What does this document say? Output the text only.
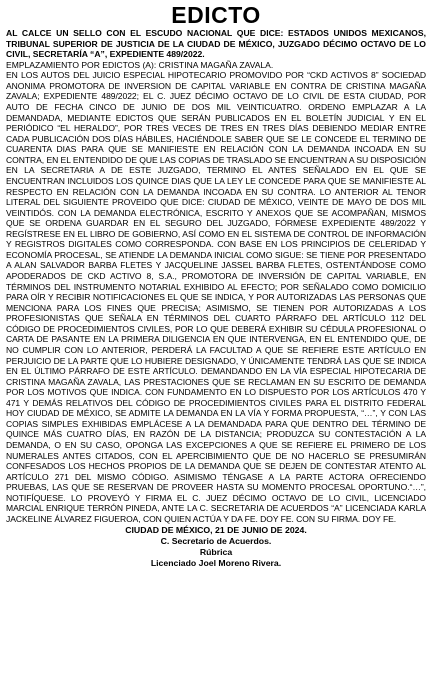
EDICTO

AL CALCE UN SELLO CON EL ESCUDO NACIONAL QUE DICE: ESTADOS UNIDOS MEXICANOS, TRIBUNAL SUPERIOR DE JUSTICIA DE LA CIUDAD DE MÉXICO, JUZGADO DÉCIMO OCTAVO DE LO CIVIL, SECRETARÍA “A”, EXPEDIENTE 489/2022.

EMPLAZAMIENTO POR EDICTOS (A): CRISTINA MAGAÑA ZAVALA.

EN LOS AUTOS DEL JUICIO ESPECIAL HIPOTECARIO PROMOVIDO POR “CKD ACTIVOS 8” SOCIEDAD ANONIMA PROMOTORA DE INVERSION DE CAPITAL VARIABLE EN CONTRA DE CRISTINA MAGAÑA ZAVALA; EXPEDIENTE 489/2022; EL C. JUEZ DÉCIMO OCTAVO DE LO CIVIL DE ESTA CIUDAD, POR AUTO DE FECHA CINCO DE JUNIO DE DOS MIL VEINTICUATRO. ORDENO EMPLAZAR A LA DEMANDADA, MEDIANTE EDICTOS QUE SERÁN PUBLICADOS EN EL BOLETÍN JUDICIAL Y EN EL PERIÓDICO “EL HERALDO”, POR TRES VECES DE TRES EN TRES DÍAS DEBIENDO MEDIAR ENTRE CADA PUBLICACIÓN DOS DÍAS HÁBILES, HACIÉNDOLE SABER QUE SE LE CONCEDE EL TERMINO DE CUARENTA DIAS PARA QUE SE MANIFIESTE EN RELACIÓN CON LA DEMANDA INCOADA EN SU CONTRA, EN EL ENTENDIDO DE QUE LAS COPIAS DE TRASLADO SE ENCUENTRAN A SU DISPOSICIÓN EN LA SECRETARIA A DE ESTE JUZGADO, TERMINO EL ANTES SEÑALADO EN EL QUE SE ENCUENTRAN INCLUIDOS LOS QUINCE DIAS QUE LA LEY LE CONCEDE PARA QUE SE MANIFIESTE AL RESPECTO EN RELACIÓN CON LA DEMANDA INCOADA EN SU CONTRA. LO ANTERIOR AL TENOR LITERAL DEL SIGUIENTE PROVEIDO QUE DICE: CIUDAD DE MÉXICO, VEINTE DE MAYO DE DOS MIL VEINTIDÓS. CON LA DEMANDA ELECTRÓNICA, ESCRITO Y ANEXOS QUE SE ACOMPAÑAN, MISMOS QUE SE ORDENA GUARDAR EN EL SEGURO DEL JUZGADO, FÓRMESE EXPEDIENTE 489/2022 Y REGÍSTRESE EN EL LIBRO DE GOBIERNO, ASÍ COMO EN EL SISTEMA DE CONTROL DE INFORMACIÓN Y REGISTROS DIGITALES COMO CORRESPONDA. CON BASE EN LOS PRINCIPIOS DE CELERIDAD Y ECONOMÍA PROCESAL, SE ATIENDE LA DEMANDA INICIAL COMO SIGUE: SE TIENE POR PRESENTADO A ALAN SALVADOR BARBA FLETES Y JACQUELINE JASSEL BARBA FLETES, OSTENTÁNDOSE COMO APODERADOS DE CKD ACTIVO 8, S.A., PROMOTORA DE INVERSIÓN DE CAPITAL VARIABLE, EN TÉRMINOS DEL INSTRUMENTO NOTARIAL EXHIBIDO AL EFECTO; POR SEÑALADO COMO DOMICILIO PARA OÍR Y RECIBIR NOTIFICACIONES EL QUE SE INDICA, Y POR AUTORIZADAS LAS PERSONAS QUE MENCIONA PARA LOS FINES QUE PRECISA; ASIMISMO, SE TIENEN POR AUTORIZADAS A LOS PROFESIONISTAS QUE SEÑALA EN TÉRMINOS DEL CUARTO PÁRRAFO DEL ARTÍCULO 112 DEL CÓDIGO DE PROCEDIMIENTOS CIVILES, POR LO QUE DEBERÁ EXHIBIR SU CÉDULA PROFESIONAL O CARTA DE PASANTE EN LA PRIMERA DILIGENCIA EN QUE INTERVENGA, EN EL ENTENDIDO QUE, DE NO CUMPLIR CON LO ANTERIOR, PERDERÁ LA FACULTAD A QUE SE REFIERE ESTE ARTÍCULO EN PERJUICIO DE LA PARTE QUE LO HUBIERE DESIGNADO, Y ÚNICAMENTE TENDRÁ LAS QUE SE INDICA EN EL ÚLTIMO PÁRRAFO DE ESTE ARTÍCULO. DEMANDANDO EN LA VÍA ESPECIAL HIPOTECARIA DE CRISTINA MAGAÑA ZAVALA, LAS PRESTACIONES QUE SE RECLAMAN EN SU ESCRITO DE DEMANDA POR LOS MOTIVOS QUE INDICA. CON FUNDAMENTO EN LO DISPUESTO POR LOS ARTÍCULOS 470 Y 471 Y DEMÁS RELATIVOS DEL CÓDIGO DE PROCEDIMIENTOS CIVILES PARA EL DISTRITO FEDERAL HOY CIUDAD DE MÉXICO, SE ADMITE LA DEMANDA EN LA VÍA Y FORMA PROPUESTA, “…”, Y CON LAS COPIAS SIMPLES EXHIBIDAS EMPLÁCESE A LA DEMANDADA PARA QUE DENTRO DEL TÉRMINO DE QUINCE MÁS CUATRO DÍAS, EN RAZÓN DE LA DISTANCIA; PRODUZCA SU CONTESTACIÓN A LA DEMANDA, O EN SU CASO, OPONGA LAS EXCEPCIONES A QUE SE REFIERE EL PRIMERO DE LOS NUMERALES ANTES CITADOS, CON EL APERCIBIMIENTO QUE DE NO HACERLO SE PRESUMIRÁN CONFESADOS LOS HECHOS PROPIOS DE LA DEMANDA QUE SE DEJEN DE CONTESTAR ATENTO AL ARTÍCULO 271 DEL MISMO CÓDIGO. ASIMISMO TÉNGASE A LA PARTE ACTORA OFRECIENDO PRUEBAS, LAS QUE SE RESERVAN DE PROVEER HASTA SU MOMENTO PROCESAL OPORTUNO.“…”, NOTIFÍQUESE. LO PROVEYÓ Y FIRMA EL C. JUEZ DÉCIMO OCTAVO DE LO CIVIL, LICENCIADO MARCIAL ENRIQUE TERRÓN PINEDA, ANTE LA C. SECRETARIA DE ACUERDOS “A” LICENCIADA KARLA JACKELINE ÁLVAREZ FIGUEROA, CON QUIEN ACTÚA Y DA FE. DOY FE. CON SU FIRMA. DOY FE.

CIUDAD DE MÉXICO, 21 DE JUNIO DE 2024.

C. Secretario de Acuerdos.

Rúbrica

Licenciado Joel Moreno Rivera.
